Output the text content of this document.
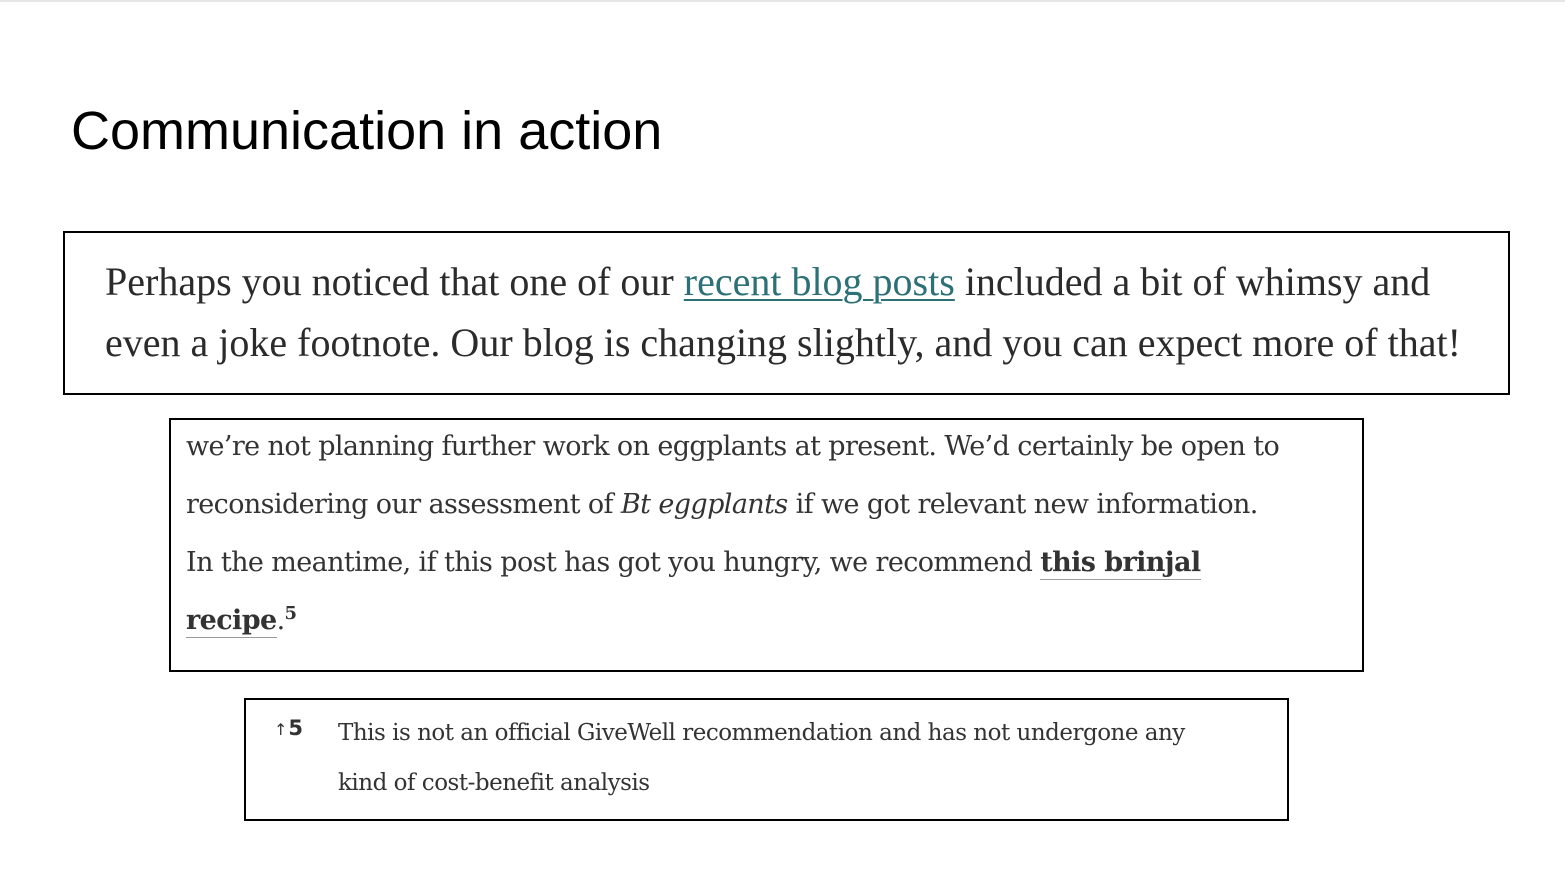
Communication in action

Perhaps you noticed that one of our recent blog posts included a bit of whimsy and
even a joke footnote. Our blog is changing slightly, and you can expect more of that!

we’re not planning further work on eggplants at present. We’d certainly be open to
reconsidering our assessment of Bt eggplants if we got relevant new information.
In the meantime, if this post has got you hungry, we recommend this brinjal
recipe.$^5$
↑5 This is not an official GiveWell recommendation and has not undergone any
kind of cost-benefit analysis
